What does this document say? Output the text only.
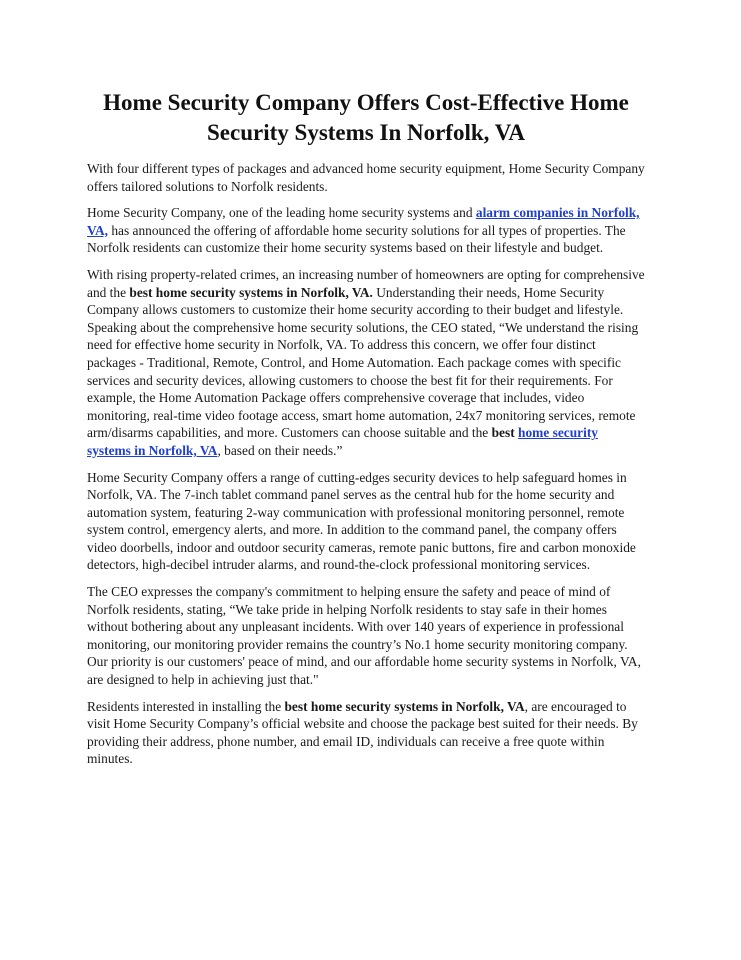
Home Security Company Offers Cost-Effective Home Security Systems In Norfolk, VA

With four different types of packages and advanced home security equipment, Home Security Company offers tailored solutions to Norfolk residents.

Home Security Company, one of the leading home security systems and alarm companies in Norfolk, VA, has announced the offering of affordable home security solutions for all types of properties. The Norfolk residents can customize their home security systems based on their lifestyle and budget.

With rising property-related crimes, an increasing number of homeowners are opting for comprehensive and the best home security systems in Norfolk, VA. Understanding their needs, Home Security Company allows customers to customize their home security according to their budget and lifestyle. Speaking about the comprehensive home security solutions, the CEO stated, “We understand the rising need for effective home security in Norfolk, VA. To address this concern, we offer four distinct packages - Traditional, Remote, Control, and Home Automation. Each package comes with specific services and security devices, allowing customers to choose the best fit for their requirements. For example, the Home Automation Package offers comprehensive coverage that includes, video monitoring, real-time video footage access, smart home automation, 24x7 monitoring services, remote arm/disarms capabilities, and more. Customers can choose suitable and the best home security systems in Norfolk, VA, based on their needs.”

Home Security Company offers a range of cutting-edges security devices to help safeguard homes in Norfolk, VA. The 7-inch tablet command panel serves as the central hub for the home security and automation system, featuring 2-way communication with professional monitoring personnel, remote system control, emergency alerts, and more. In addition to the command panel, the company offers video doorbells, indoor and outdoor security cameras, remote panic buttons, fire and carbon monoxide detectors, high-decibel intruder alarms, and round-the-clock professional monitoring services.

The CEO expresses the company's commitment to helping ensure the safety and peace of mind of Norfolk residents, stating, “We take pride in helping Norfolk residents to stay safe in their homes without bothering about any unpleasant incidents. With over 140 years of experience in professional monitoring, our monitoring provider remains the country’s No.1 home security monitoring company. Our priority is our customers' peace of mind, and our affordable home security systems in Norfolk, VA, are designed to help in achieving just that."

Residents interested in installing the best home security systems in Norfolk, VA, are encouraged to visit Home Security Company’s official website and choose the package best suited for their needs. By providing their address, phone number, and email ID, individuals can receive a free quote within minutes.
